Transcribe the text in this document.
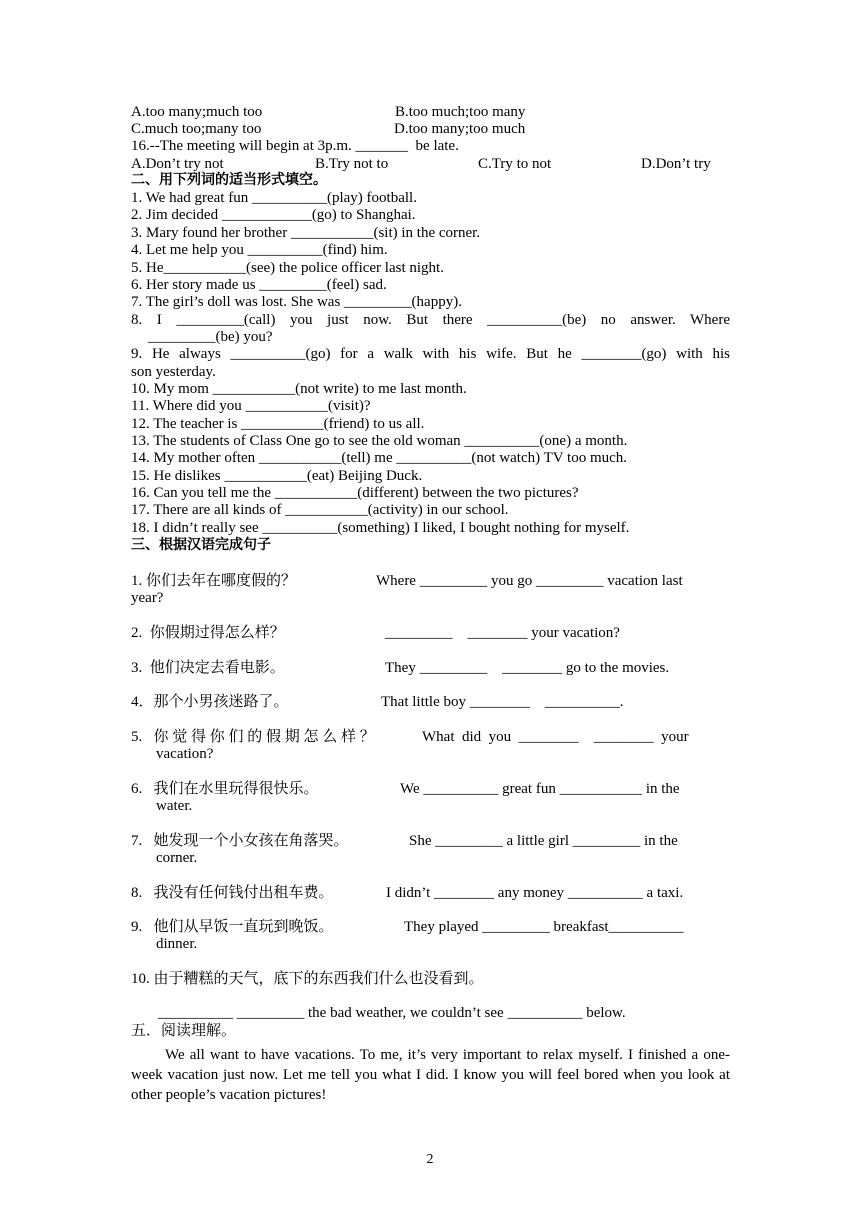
A.too many;much too	B.too much;too many
C.much too;many too	D.too many;too much
16.--The meeting will begin at 3p.m. _______  be late.
A.Don’t try not	B.Try not to	C.Try to not	D.Don’t try
二、用下列词的适当形式填空。
1. We had great fun __________(play) football.
2. Jim decided ____________(go) to Shanghai.
3. Mary found her brother ___________(sit) in the corner.
4. Let me help you __________(find) him.
5. He___________(see) the police officer last night.
6. Her story made us _________(feel) sad.
7. The girl’s doll was lost. She was _________(happy).
8. I _________(call) you just now. But there __________(be) no answer. Where
_________(be) you?
9. He always __________(go) for a walk with his wife. But he ________(go) with his
son yesterday.
10. My mom ___________(not write) to me last month.
11. Where did you ___________(visit)?
12. The teacher is ___________(friend) to us all.
13. The students of Class One go to see the old woman __________(one) a month.
14. My mother often ___________(tell) me __________(not watch) TV too much.
15. He dislikes ___________(eat) Beijing Duck.
16. Can you tell me the ___________(different) between the two pictures?
17. There are all kinds of ___________(activity) in our school.
18. I didn’t really see __________(something) I liked, I bought nothing for myself.
三、根据汉语完成句子
1. 你们去年在哪度假的？	Where _________ you go _________ vacation last
year?
2.  你假期过得怎么样？	_________    ________ your vacation?
3.  他们决定去看电影。	They _________    ________ go to the movies.
4．那个小男孩迷路了。	That little boy ________    __________.
5.   你 觉 得 你 们 的 假 期 怎 么 样 ？	What  did  you  ________    ________  your
vacation?
6.   我们在水里玩得很快乐。	We __________ great fun ___________ in the
water.
7.   她发现一个小女孩在角落哭。	She _________ a little girl _________ in the
corner.
8.   我没有任何钱付出租车费。	I didn’t ________ any money __________ a taxi.
9.   他们从早饭一直玩到晚饭。	They played _________ breakfast__________
dinner.
10. 由于糟糕的天气，底下的东西我们什么也没看到。
__________ _________ the bad weather, we couldn’t see __________ below.
五．阅读理解。
We all want to have vacations. To me, it’s very important to relax myself. I finished a one-week vacation just now. Let me tell you what I did. I know you will feel bored when you look at other people’s vacation pictures!
2
